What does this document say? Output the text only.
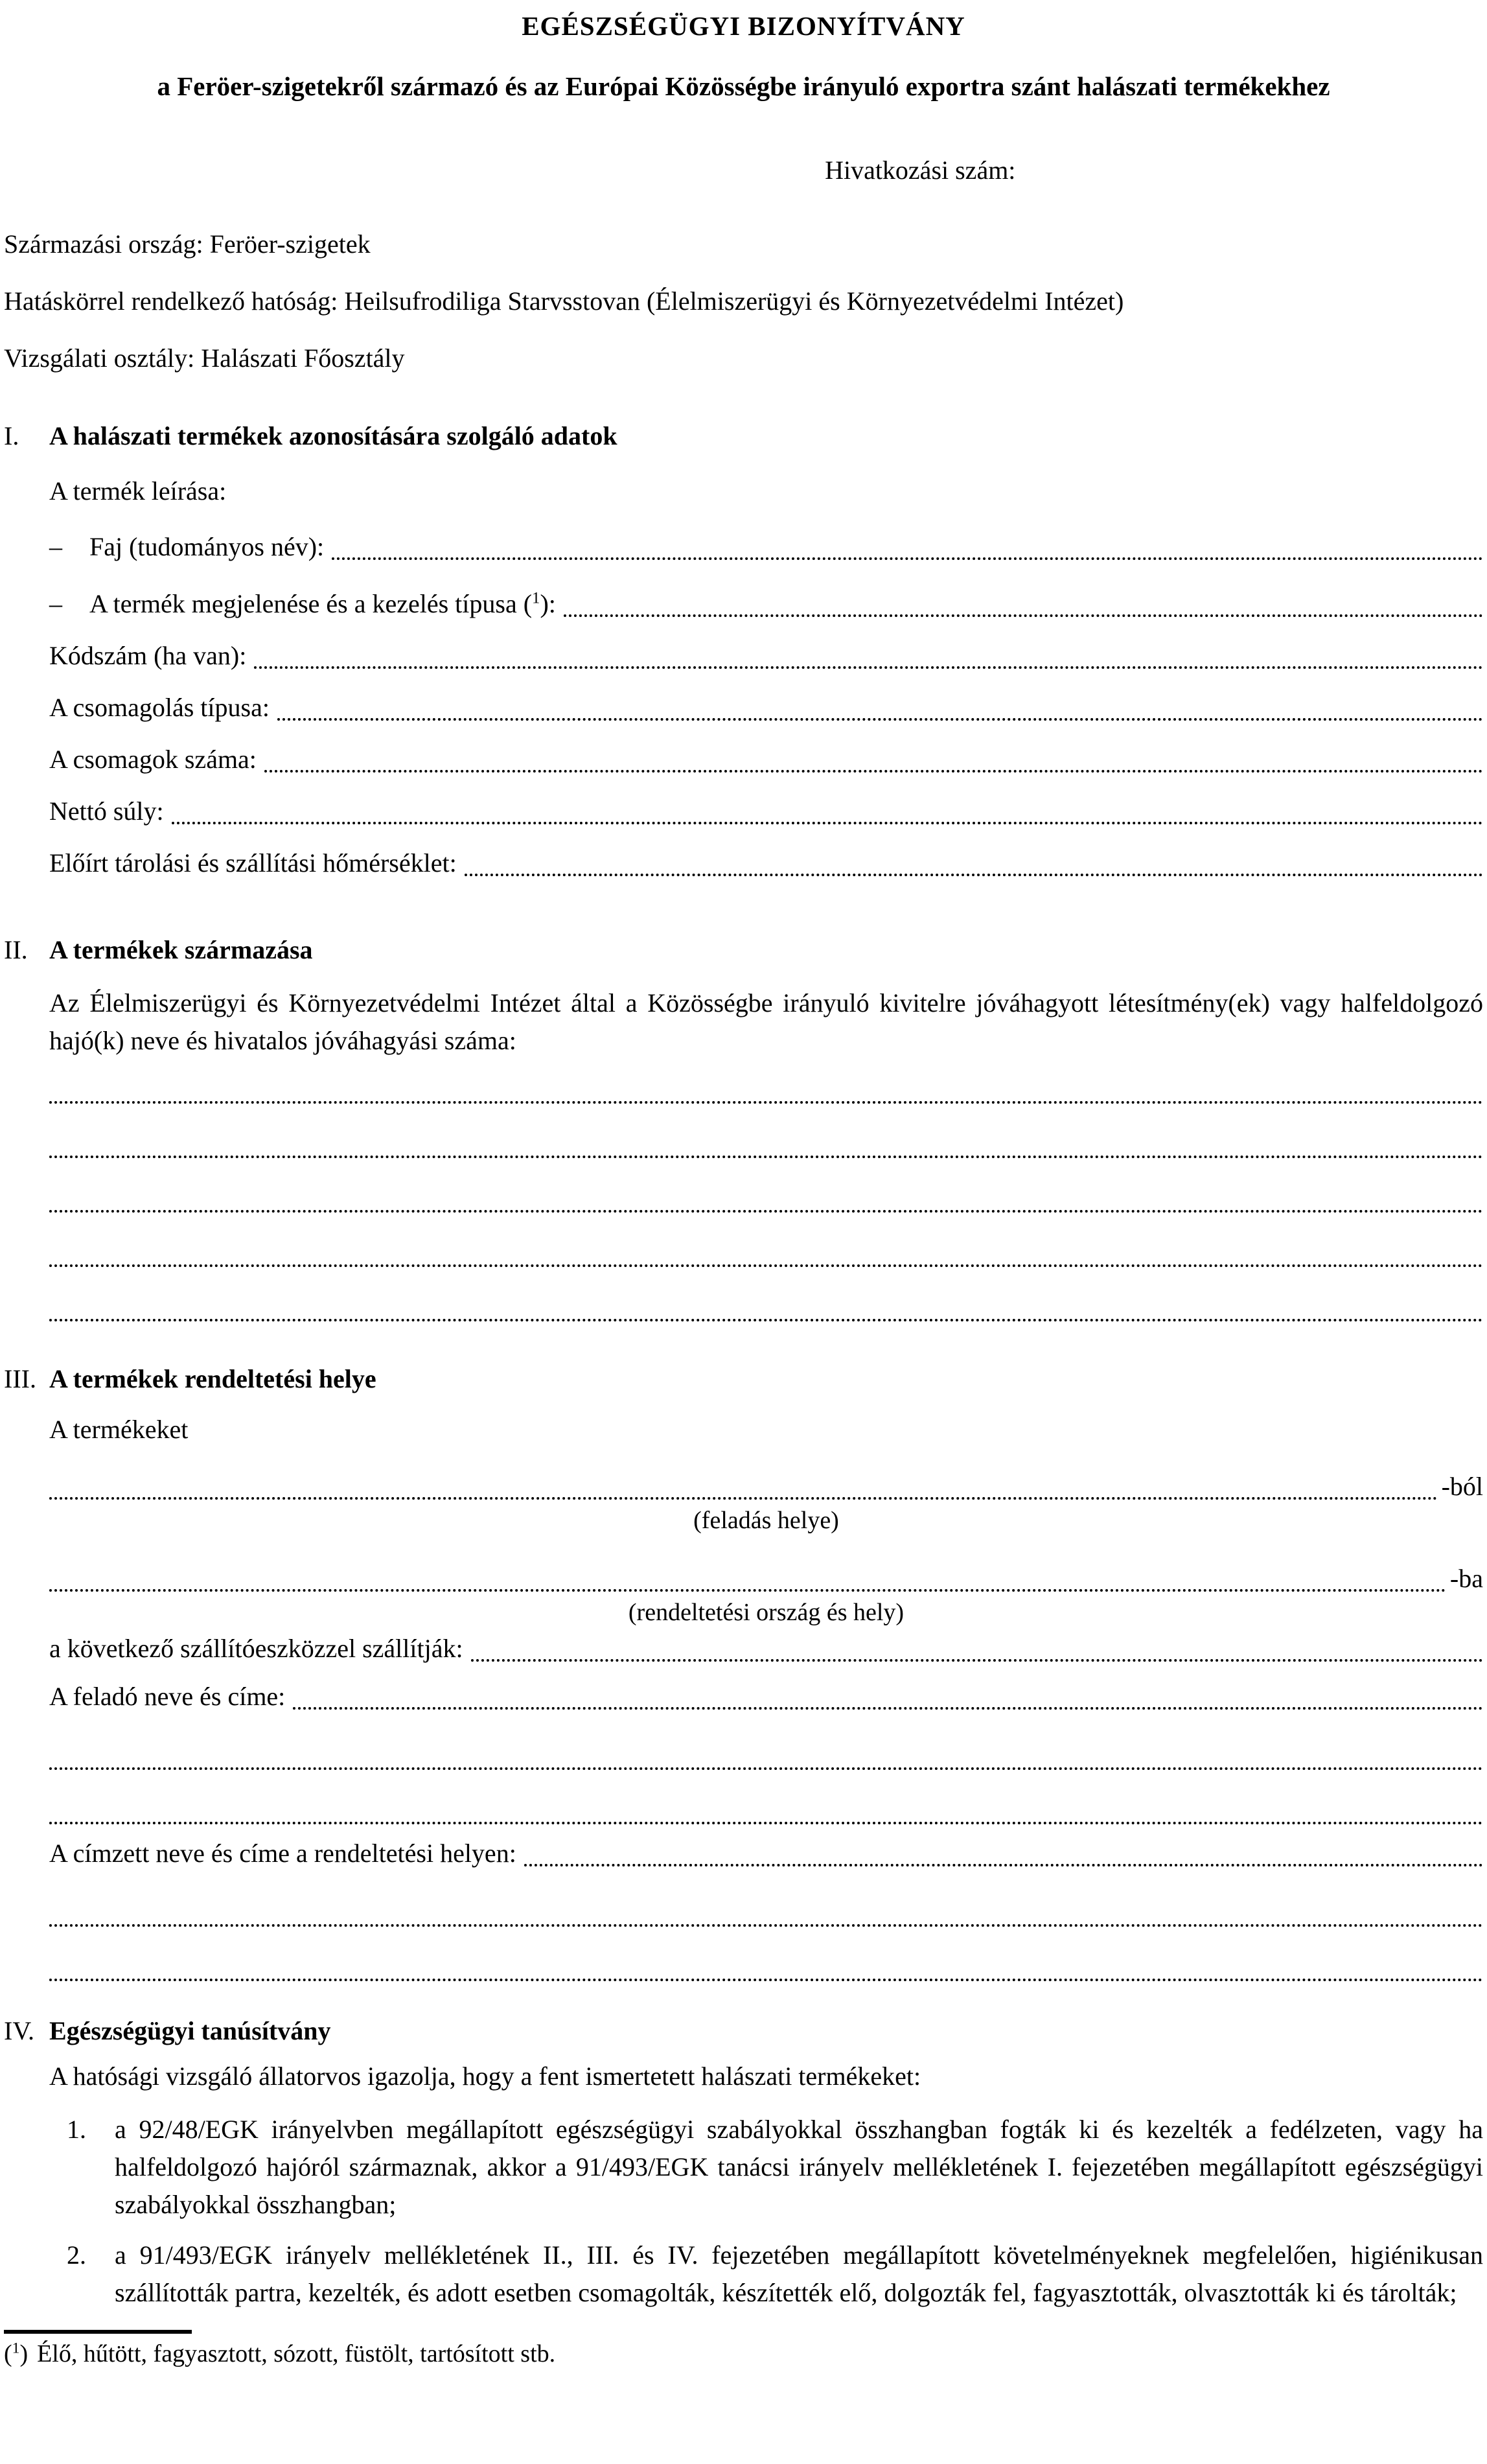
EGÉSZSÉGÜGYI BIZONYÍTVÁNY
a Feröer-szigetekről származó és az Európai Közösségbe irányuló exportra szánt halászati termékekhez
Hivatkozási szám:

Származási ország: Feröer-szigetek

Hatáskörrel rendelkező hatóság: Heilsufrodiliga Starvsstovan (Élelmiszerügyi és Környezetvédelmi Intézet)

Vizsgálati osztály: Halászati Főosztály

I. A halászati termékek azonosítására szolgáló adatok

A termék leírása:

–	Faj (tudományos név):
–	A termék megjelenése és a kezelés típusa ($^1$):
Kódszám (ha van):
A csomagolás típusa:
A csomagok száma:
Nettó súly:
Előírt tárolási és szállítási hőmérséklet:
II. A termékek származása

Az Élelmiszerügyi és Környezetvédelmi Intézet által a Közösségbe irányuló kivitelre jóváhagyott létesítmény(ek) vagy halfeldolgozó hajó(k) neve és hivatalos jóváhagyási száma:

III. A termékek rendeltetési helye

A termékeket

-ból
(feladás helye)
-ba
(rendeltetési ország és hely)
a következő szállítóeszközzel szállítják:
A feladó neve és címe:
A címzett neve és címe a rendeltetési helyen:
IV. Egészségügyi tanúsítvány

A hatósági vizsgáló állatorvos igazolja, hogy a fent ismertetett halászati termékeket:

1.	a 92/48/EGK irányelvben megállapított egészségügyi szabályokkal összhangban fogták ki és kezelték a fedélzeten, vagy ha halfeldolgozó hajóról származnak, akkor a 91/493/EGK tanácsi irányelv mellékletének I. fejezetében megállapított egészségügyi szabályokkal összhangban;
2.	a 91/493/EGK irányelv mellékletének II., III. és IV. fejezetében megállapított követelményeknek megfelelően, higiénikusan szállították partra, kezelték, és adott esetben csomagolták, készítették elő, dolgozták fel, fagyasztották, olvasztották ki és tárolták;

($^1$) Élő, hűtött, fagyasztott, sózott, füstölt, tartósított stb.
